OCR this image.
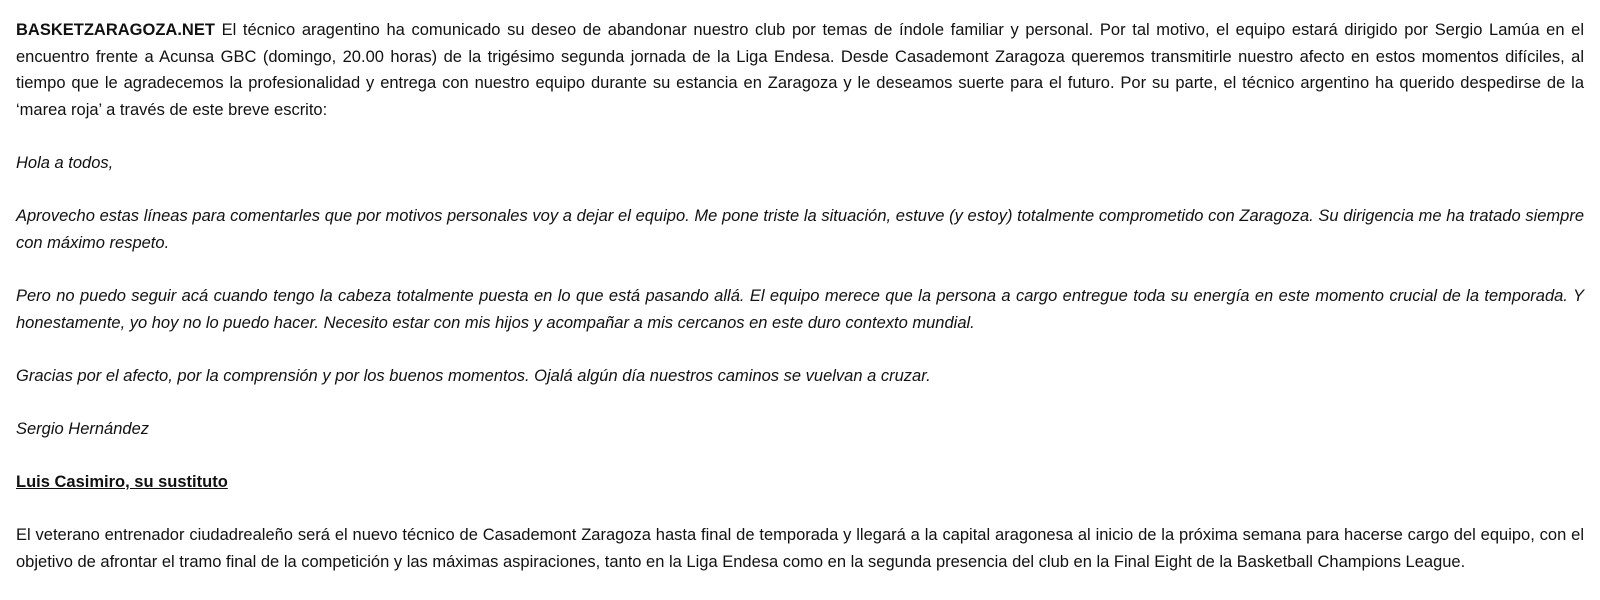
BASKETZARAGOZA.NET El técnico aragentino ha comunicado su deseo de abandonar nuestro club por temas de índole familiar y personal. Por tal motivo, el equipo estará dirigido por Sergio Lamúa en el encuentro frente a Acunsa GBC (domingo, 20.00 horas) de la trigésimo segunda jornada de la Liga Endesa. Desde Casademont Zaragoza queremos transmitirle nuestro afecto en estos momentos difíciles, al tiempo que le agradecemos la profesionalidad y entrega con nuestro equipo durante su estancia en Zaragoza y le deseamos suerte para el futuro. Por su parte, el técnico argentino ha querido despedirse de la ‘marea roja’ a través de este breve escrito:

Hola a todos,

Aprovecho estas líneas para comentarles que por motivos personales voy a dejar el equipo. Me pone triste la situación, estuve (y estoy) totalmente comprometido con Zaragoza. Su dirigencia me ha tratado siempre con máximo respeto.

Pero no puedo seguir acá cuando tengo la cabeza totalmente puesta en lo que está pasando allá. El equipo merece que la persona a cargo entregue toda su energía en este momento crucial de la temporada. Y honestamente, yo hoy no lo puedo hacer. Necesito estar con mis hijos y acompañar a mis cercanos en este duro contexto mundial.

Gracias por el afecto, por la comprensión y por los buenos momentos. Ojalá algún día nuestros caminos se vuelvan a cruzar.

Sergio Hernández

Luis Casimiro, su sustituto

El veterano entrenador ciudadrealeño será el nuevo técnico de Casademont Zaragoza hasta final de temporada y llegará a la capital aragonesa al inicio de la próxima semana para hacerse cargo del equipo, con el objetivo de afrontar el tramo final de la competición y las máximas aspiraciones, tanto en la Liga Endesa como en la segunda presencia del club en la Final Eight de la Basketball Champions League.
